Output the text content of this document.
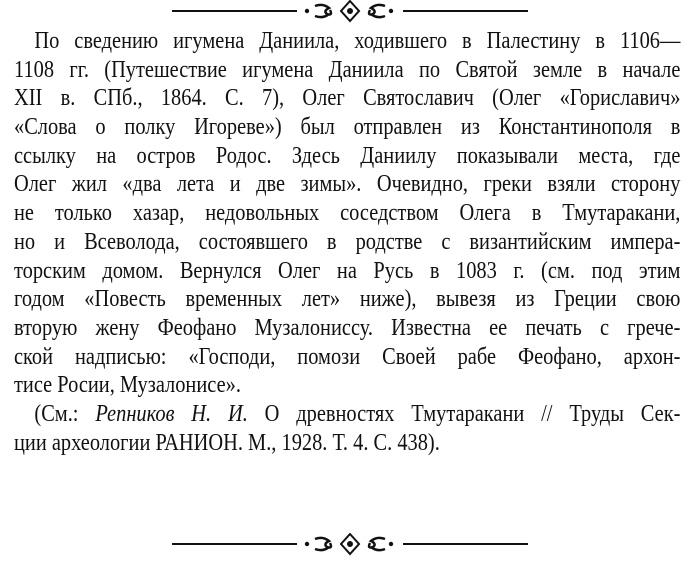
По сведению игумена Даниила, ходившего в Палестину в 1106—
1108 гг. (Путешествие игумена Даниила по Святой земле в начале
XII в. СПб., 1864. С. 7), Олег Святославич (Олег «Гориславич»
«Слова о полку Игореве») был отправлен из Константинополя в
ссылку на остров Родос. Здесь Даниилу показывали места, где
Олег жил «два лета и две зимы». Очевидно, греки взяли сторону
не только хазар, недовольных соседством Олега в Тмутаракани,
но и Всеволода, состоявшего в родстве с византийским импера-
торским домом. Вернулся Олег на Русь в 1083 г. (см. под этим
годом «Повесть временных лет» ниже), вывезя из Греции свою
вторую жену Феофано Музалониссу. Известна ее печать с грече-
ской надписью: «Господи, помози Своей рабе Феофано, архон-
тисе Росии, Музалонисе».
(См.: Репников Н. И. О древностях Тмутаракани // Труды Сек-
ции археологии РАНИОН. М., 1928. Т. 4. С. 438).
